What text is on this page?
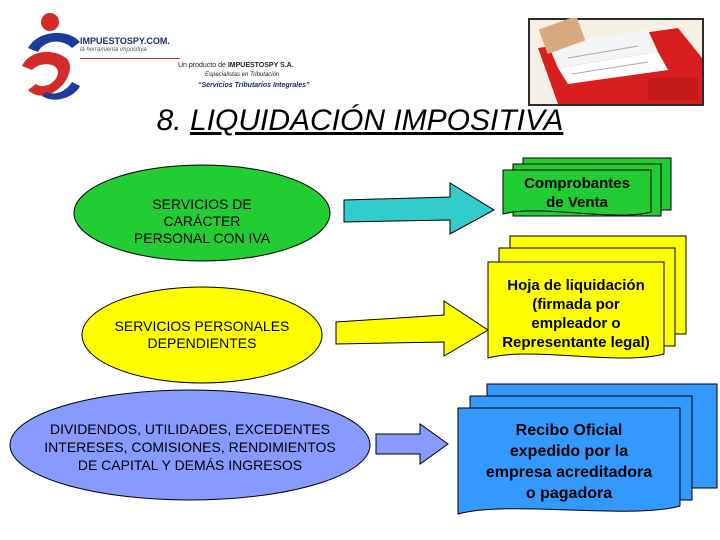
IMPUESTOSPY.COM.
la herramienta impositiva
Un producto de IMPUESTOSPY S.A.
Especialistas en Tributación
“Servicios Tributarios Integrales”
8. LIQUIDACIÓN IMPOSITIVA
SERVICIOS DE
CARÁCTER
PERSONAL CON IVA
Comprobantes
de Venta
SERVICIOS PERSONALES
DEPENDIENTES
Hoja de liquidación
(firmada por
empleador o
Representante legal)
DIVIDENDOS, UTILIDADES, EXCEDENTES
INTERESES, COMISIONES, RENDIMIENTOS
DE CAPITAL Y DEMÁS INGRESOS
Recibo Oficial
expedido por la
empresa acreditadora
o pagadora
